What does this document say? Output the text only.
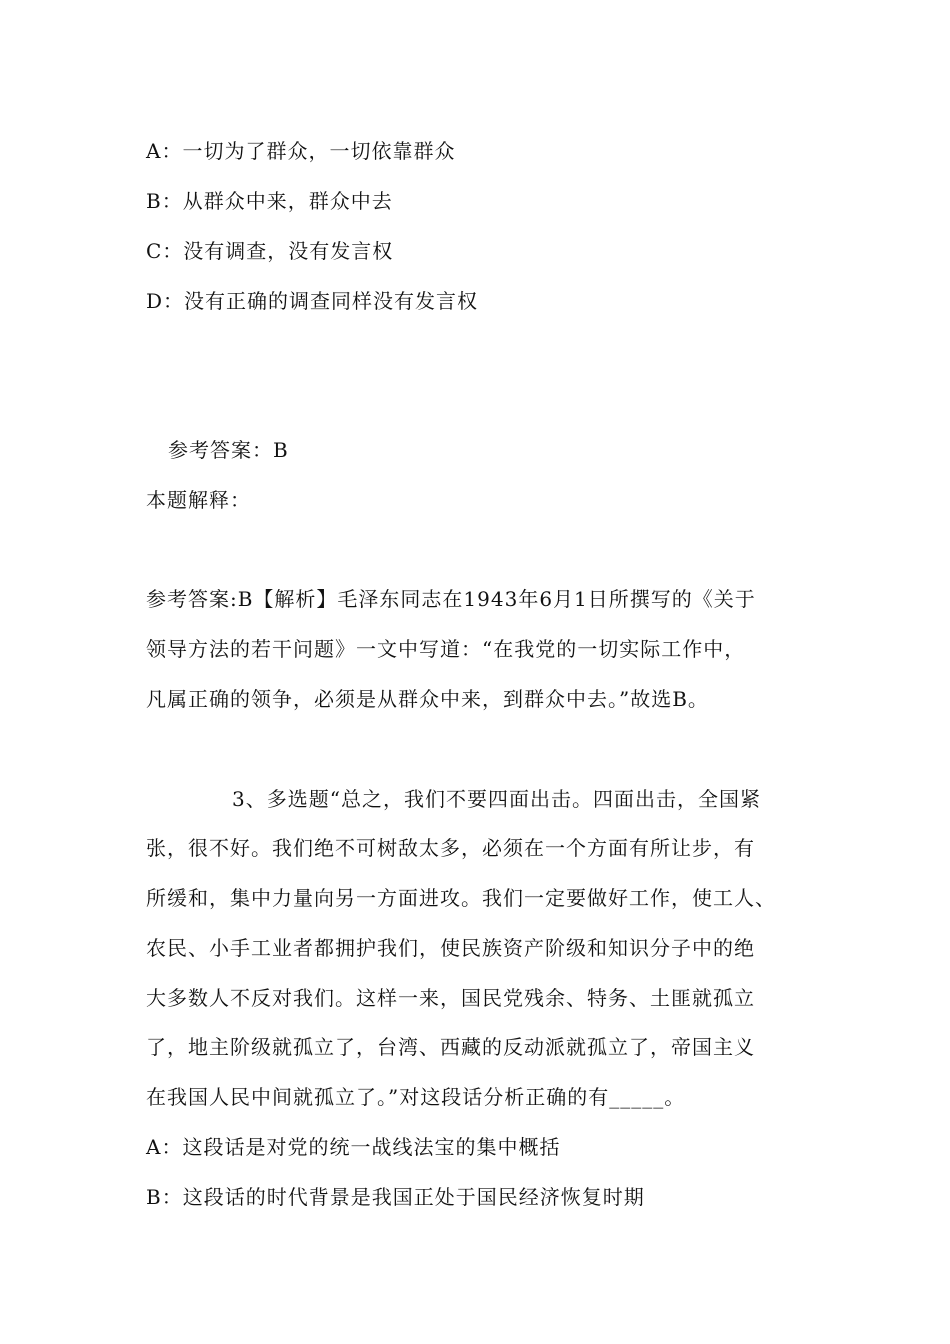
A：一切为了群众，一切依靠群众
B：从群众中来，群众中去
C：没有调查，没有发言权
D：没有正确的调查同样没有发言权
参考答案：B
本题解释：
参考答案:B【解析】毛泽东同志在1943年6月1日所撰写的《关于
领导方法的若干问题》一文中写道：“在我党的一切实际工作中，
凡属正确的领争，必须是从群众中来，到群众中去。”故选B。
3、多选题“总之，我们不要四面出击。四面出击，全国紧
张，很不好。我们绝不可树敌太多，必须在一个方面有所让步，有
所缓和，集中力量向另一方面进攻。我们一定要做好工作，使工人、
农民、小手工业者都拥护我们，使民族资产阶级和知识分子中的绝
大多数人不反对我们。这样一来，国民党残余、特务、土匪就孤立
了，地主阶级就孤立了，台湾、西藏的反动派就孤立了，帝国主义
在我国人民中间就孤立了。”对这段话分析正确的有_____。
A：这段话是对党的统一战线法宝的集中概括
B：这段话的时代背景是我国正处于国民经济恢复时期
